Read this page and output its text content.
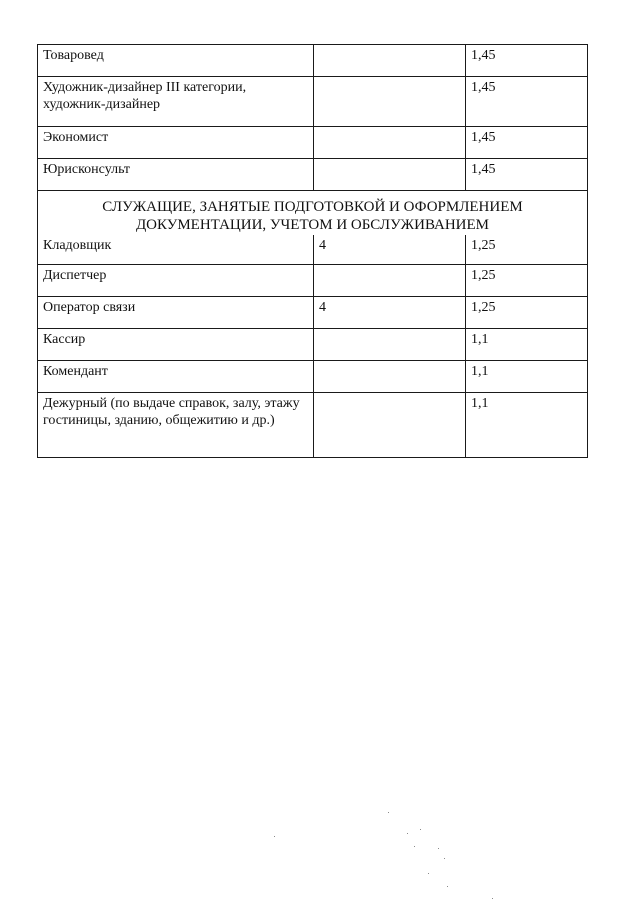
Товаровед		1,45
Художник-дизайнер III категории, художник-дизайнер		1,45
Экономист		1,45
Юрисконсульт		1,45
СЛУЖАЩИЕ, ЗАНЯТЫЕ ПОДГОТОВКОЙ И ОФОРМЛЕНИЕМ ДОКУМЕНТАЦИИ, УЧЕТОМ И ОБСЛУЖИВАНИЕМ		
Кладовщик	4	1,25
Диспетчер		1,25
Оператор связи	4	1,25
Кассир		1,1
Комендант		1,1
Дежурный (по выдаче справок, залу, этажу гостиницы, зданию, общежитию и др.)		1,1
